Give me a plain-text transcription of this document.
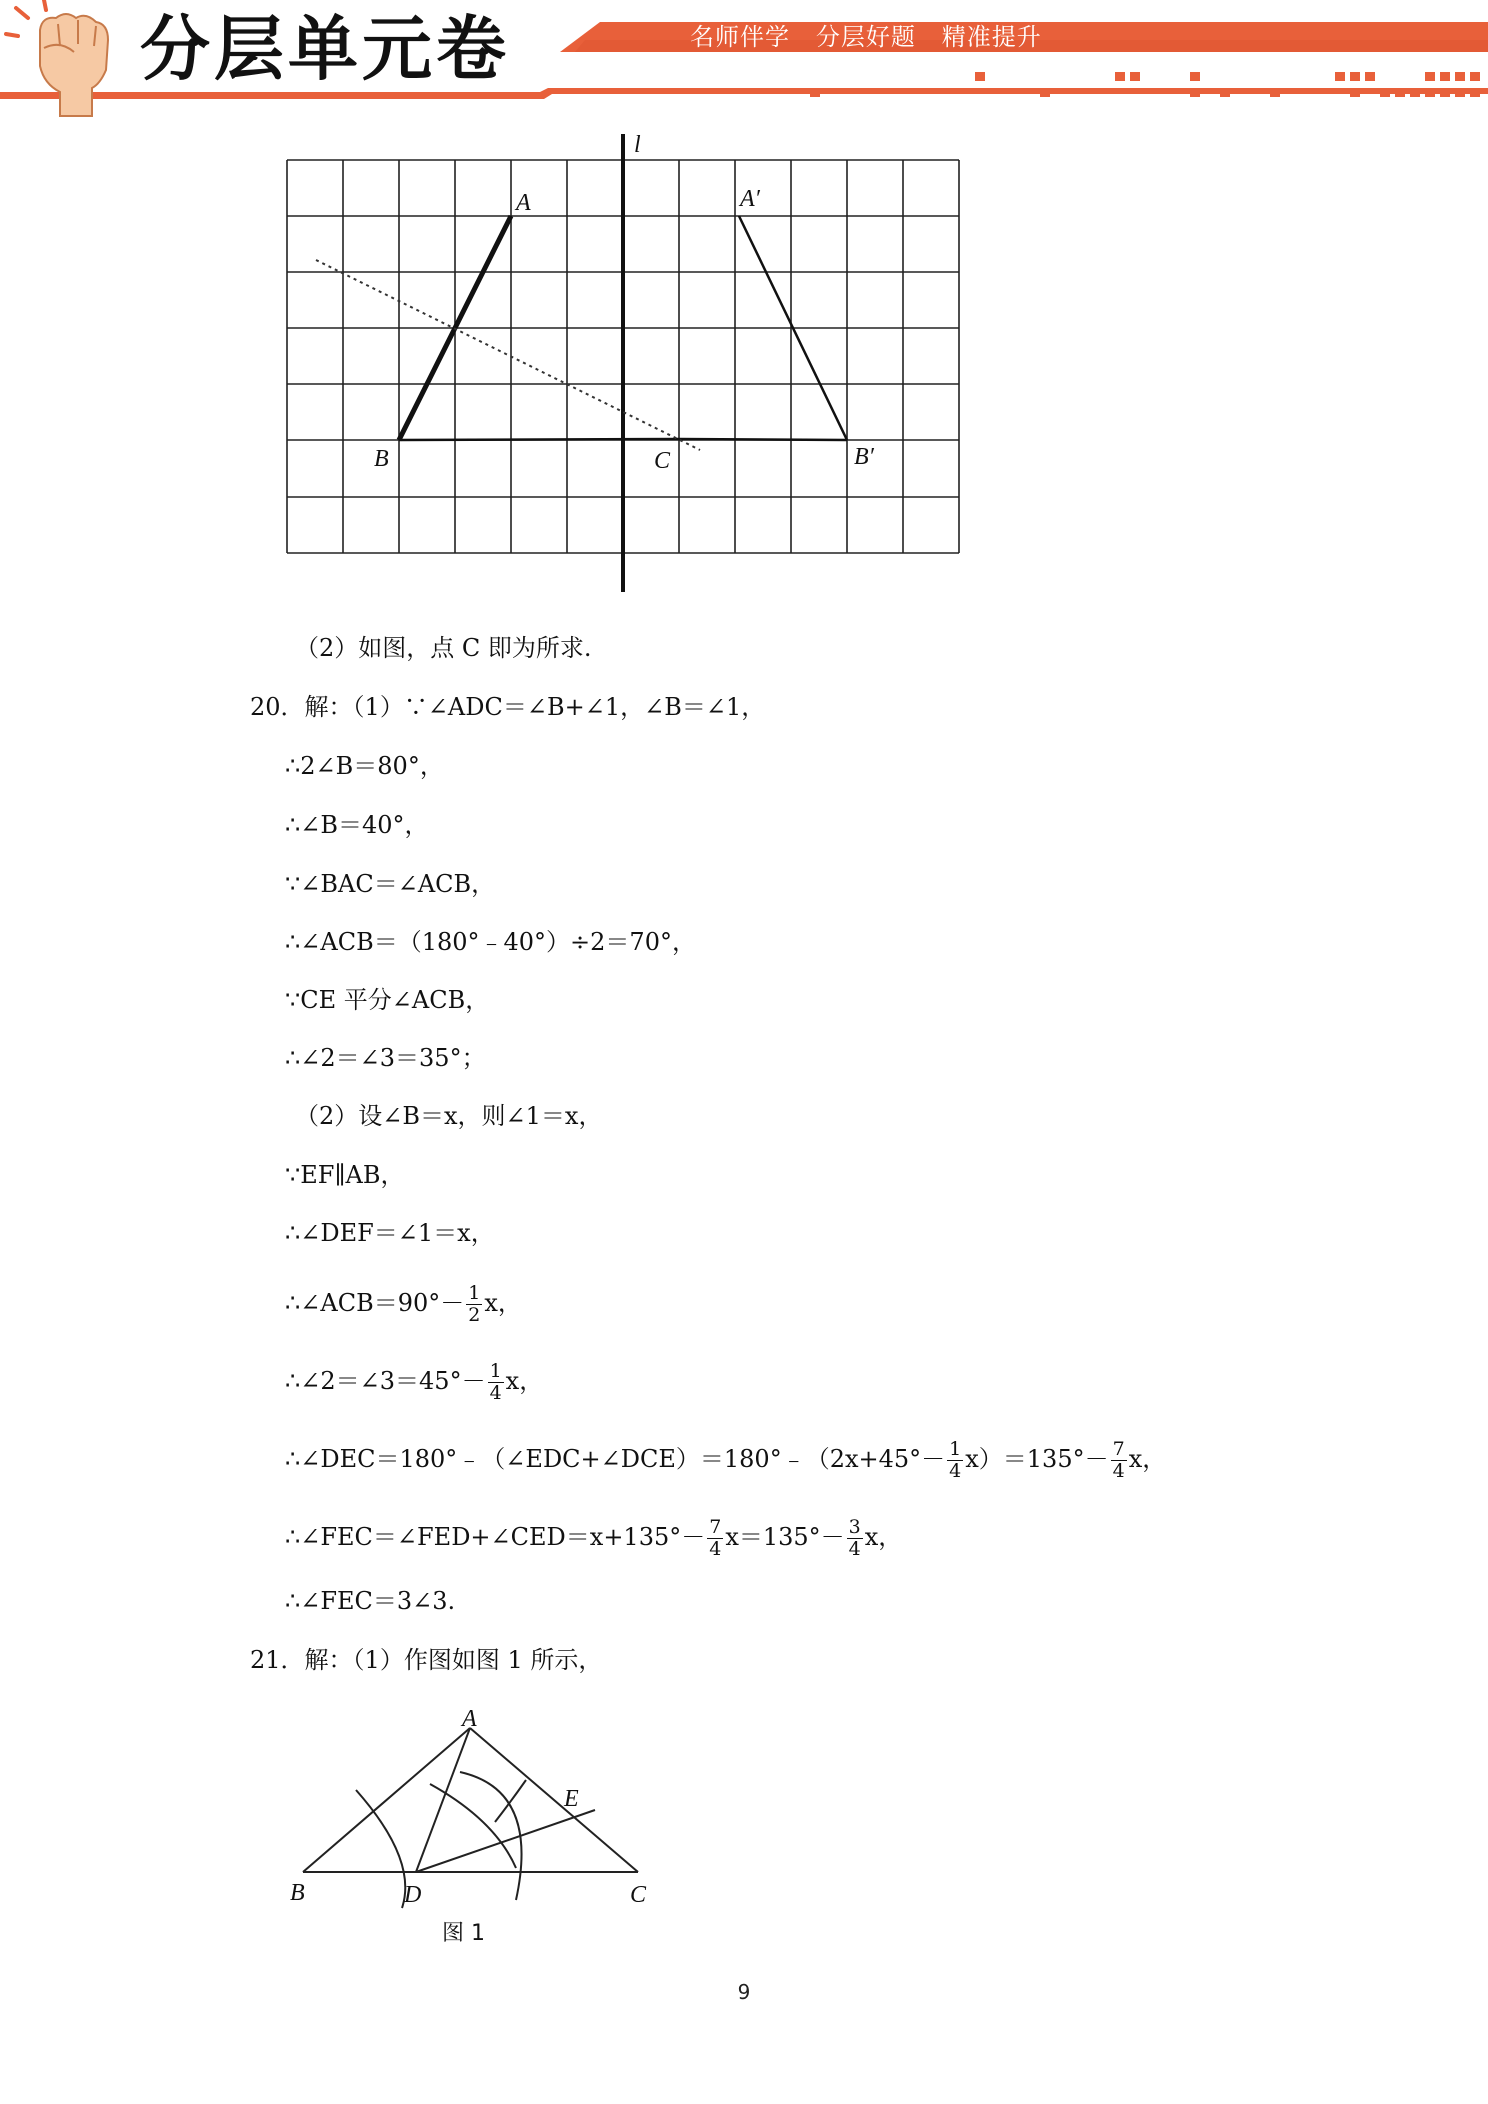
分层单元卷	名师伴学   分层好题   精准提升
l
A	A′
B	C	B′
（2）如图，点 C 即为所求.
20．解：（1）∵∠ADC＝∠B+∠1，∠B＝∠1，
∴2∠B＝80°，
∴∠B＝40°，
∵∠BAC＝∠ACB，
∴∠ACB＝（180°﹣40°）÷2＝70°，
∵CE 平分∠ACB，
∴∠2＝∠3＝35°；
（2）设∠B＝x，则∠1＝x，
∵EF∥AB，
∴∠DEF＝∠1＝x，
∴∠ACB＝90°－ $\frac{1}{2}$ x，
∴∠2＝∠3＝45°－ $\frac{1}{4}$ x，
∴∠DEC＝180°﹣（∠EDC+∠DCE）＝180°﹣（2x+45°－ $\frac{1}{4} x)=135^\circ- \frac{7}{4}$ x，
∴∠FEC＝∠FED+∠CED＝x+135°－ $\frac{7}{4} x=135^\circ- \frac{3}{4}$ x，
∴∠FEC＝3∠3.
21．解：（1）作图如图 1 所示，
A
B	C
D
E
图 1
9
